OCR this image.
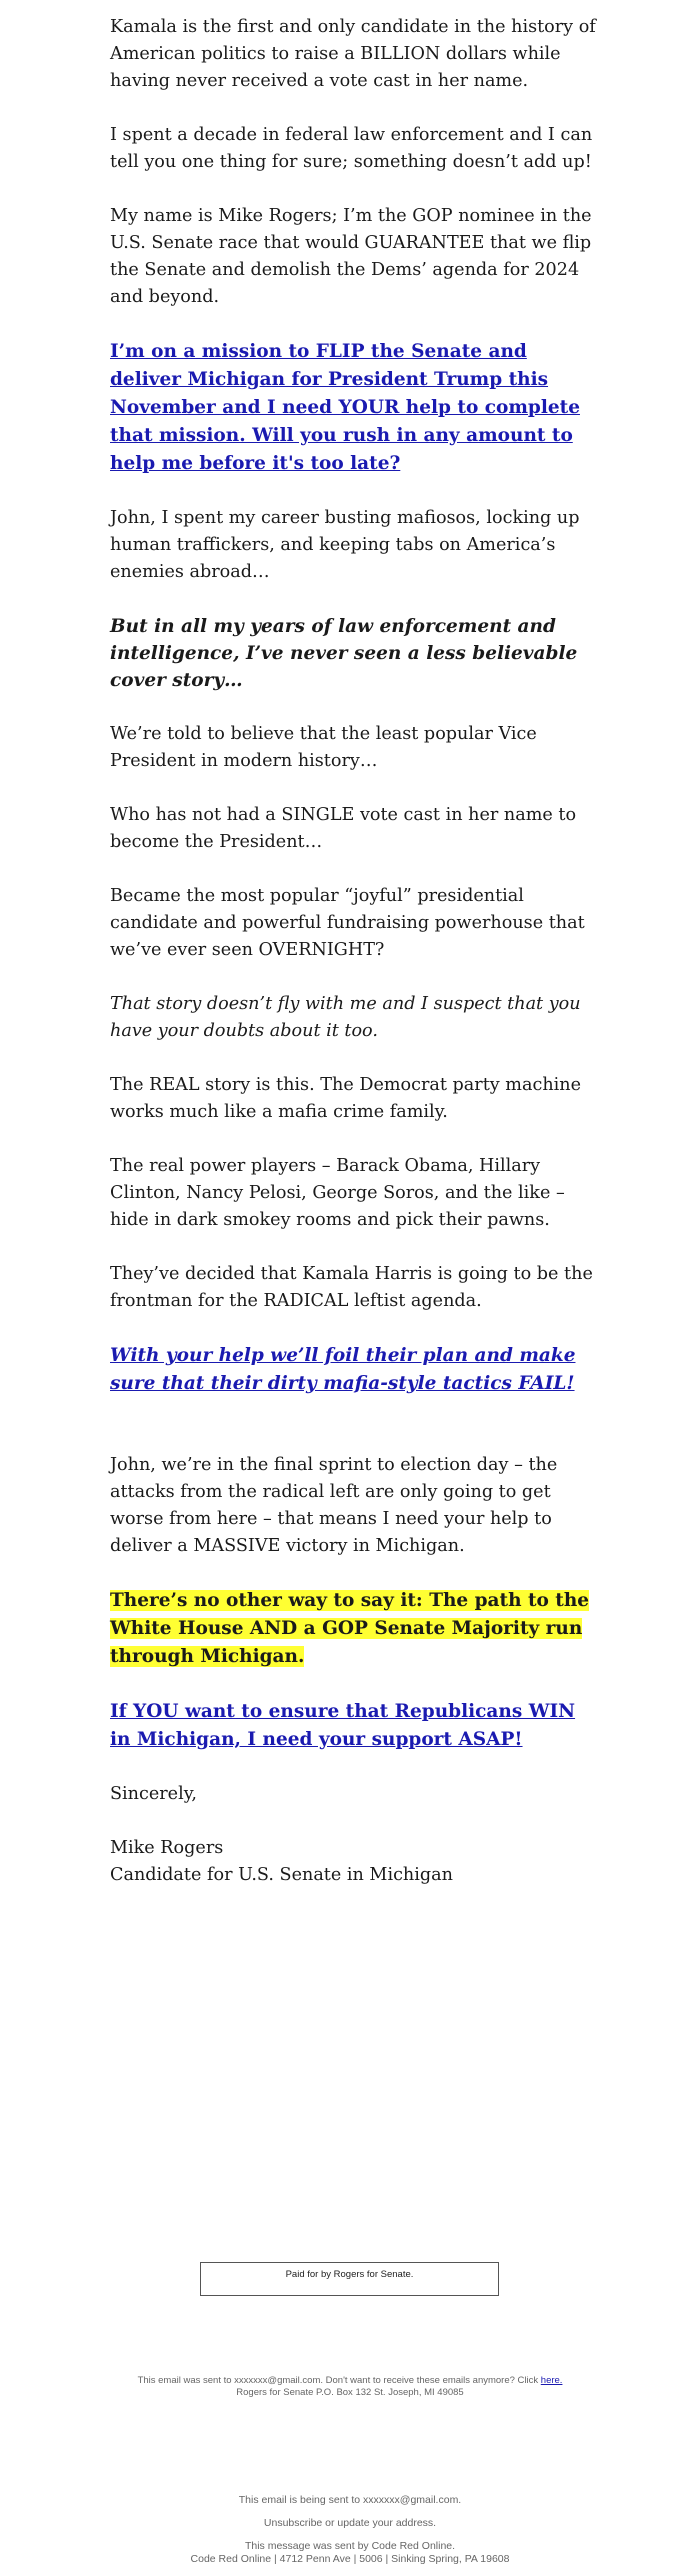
Kamala is the first and only candidate in the history of American politics to raise a BILLION dollars while having never received a vote cast in her name.

I spent a decade in federal law enforcement and I can tell you one thing for sure; something doesn’t add up!

My name is Mike Rogers; I’m the GOP nominee in the U.S. Senate race that would GUARANTEE that we flip the Senate and demolish the Dems’ agenda for 2024 and beyond.

I’m on a mission to FLIP the Senate and deliver Michigan for President Trump this November and I need YOUR help to complete that mission. Will you rush in any amount to help me before it's too late?

John, I spent my career busting mafiosos, locking up human traffickers, and keeping tabs on America’s enemies abroad…

But in all my years of law enforcement and intelligence, I’ve never seen a less believable cover story…

We’re told to believe that the least popular Vice President in modern history…

Who has not had a SINGLE vote cast in her name to become the President…

Became the most popular “joyful” presidential candidate and powerful fundraising powerhouse that we’ve ever seen OVERNIGHT?

That story doesn’t fly with me and I suspect that you have your doubts about it too.

The REAL story is this. The Democrat party machine works much like a mafia crime family.

The real power players – Barack Obama, Hillary Clinton, Nancy Pelosi, George Soros, and the like – hide in dark smokey rooms and pick their pawns.

They’ve decided that Kamala Harris is going to be the frontman for the RADICAL leftist agenda.

With your help we’ll foil their plan and make sure that their dirty mafia-style tactics FAIL!

John, we’re in the final sprint to election day – the attacks from the radical left are only going to get worse from here – that means I need your help to deliver a MASSIVE victory in Michigan.

There’s no other way to say it: The path to the White House AND a GOP Senate Majority run through Michigan.

If YOU want to ensure that Republicans WIN in Michigan, I need your support ASAP!

Sincerely,

Mike Rogers
Candidate for U.S. Senate in Michigan
Paid for by Rogers for Senate.
This email was sent to xxxxxxx@gmail.com. Don't want to receive these emails anymore? Click here.
Rogers for Senate P.O. Box 132 St. Joseph, MI 49085
This email is being sent to xxxxxxx@gmail.com.
Unsubscribe or update your address.
This message was sent by Code Red Online.
Code Red Online | 4712 Penn Ave | 5006 | Sinking Spring, PA 19608
